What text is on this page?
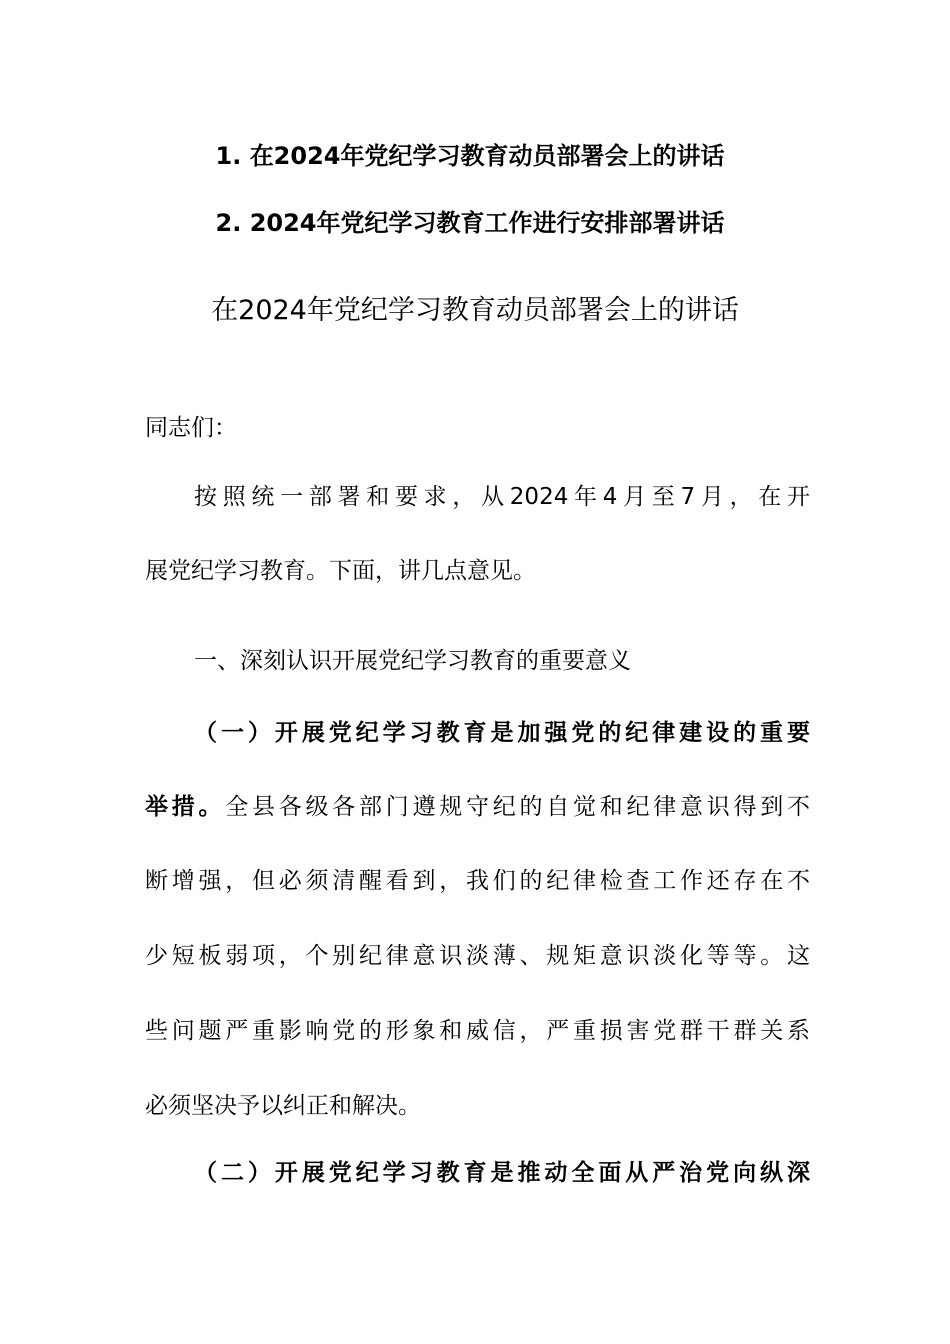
1. 在2024年党纪学习教育动员部署会上的讲话
2. 2024年党纪学习教育工作进行安排部署讲话
在2024年党纪学习教育动员部署会上的讲话
同志们：
按照统一部署和要求，从2024年4月至7月，在开
展党纪学习教育。下面，讲几点意见。
一、深刻认识开展党纪学习教育的重要意义
（一）开展党纪学习教育是加强党的纪律建设的重要
举措。全县各级各部门遵规守纪的自觉和纪律意识得到不
断增强，但必须清醒看到，我们的纪律检查工作还存在不
少短板弱项，个别纪律意识淡薄、规矩意识淡化等等。这
些问题严重影响党的形象和威信，严重损害党群干群关系
必须坚决予以纠正和解决。
（二）开展党纪学习教育是推动全面从严治党向纵深
